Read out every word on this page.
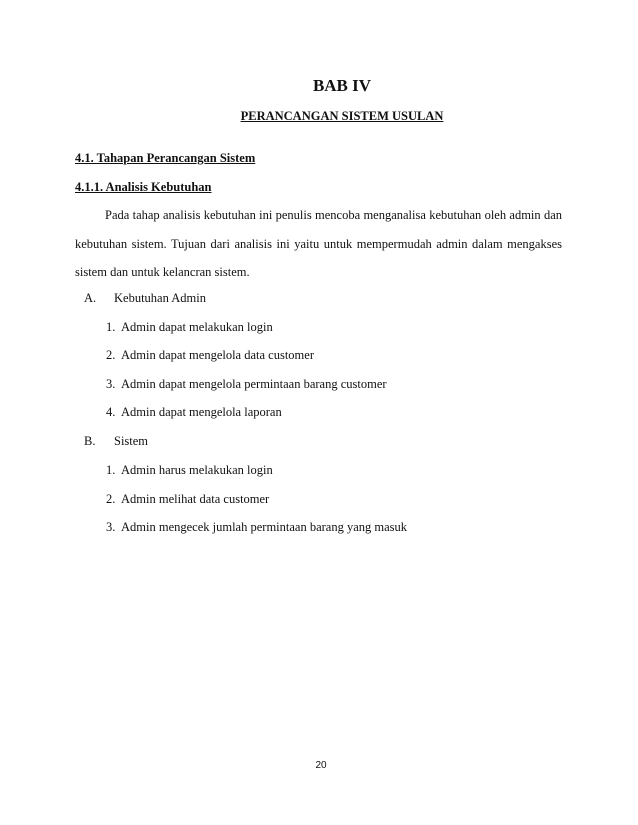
BAB IV
PERANCANGAN SISTEM USULAN
4.1. Tahapan Perancangan Sistem
4.1.1. Analisis Kebutuhan
Pada tahap analisis kebutuhan ini penulis mencoba menganalisa kebutuhan oleh admin dan kebutuhan sistem. Tujuan dari analisis ini yaitu untuk mempermudah admin dalam mengakses sistem dan untuk kelancran sistem.
A. Kebutuhan Admin
1. Admin dapat melakukan login
2. Admin dapat mengelola data customer
3. Admin dapat mengelola permintaan barang customer
4. Admin dapat mengelola laporan
B. Sistem
1. Admin harus melakukan login
2. Admin melihat data customer
3. Admin mengecek jumlah permintaan barang yang masuk
20
